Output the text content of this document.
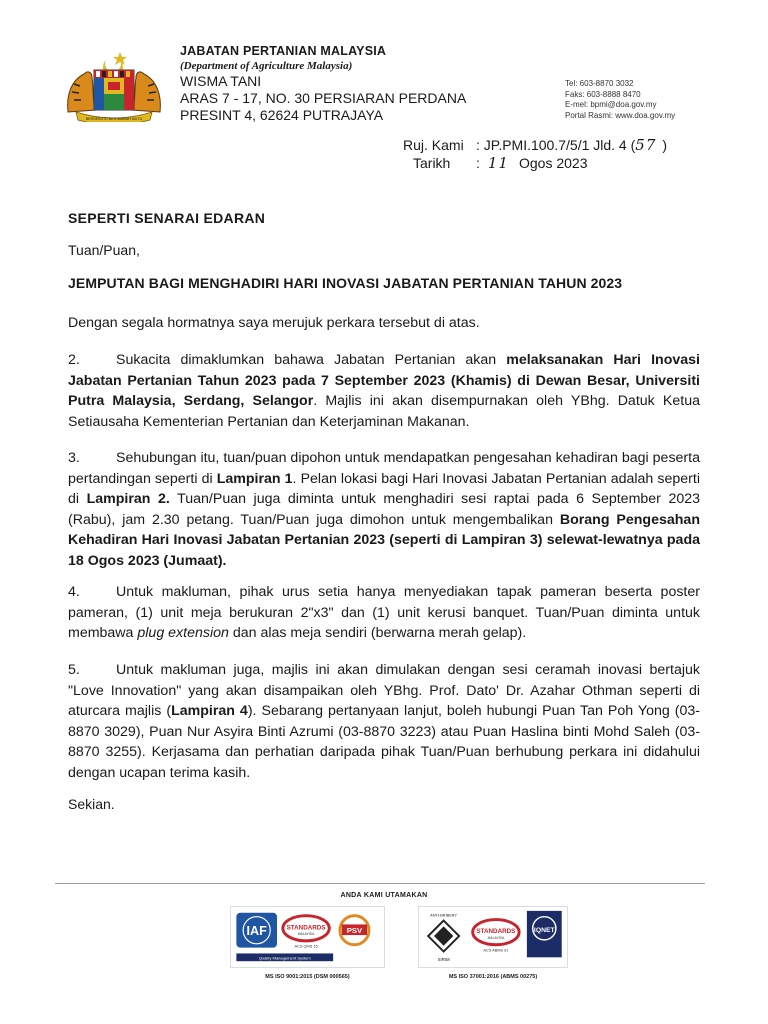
BERSEKUTU BERTAMBAH MUTU
JABATAN PERTANIAN MALAYSIA
(Department of Agriculture Malaysia)
WISMA TANI
ARAS 7 - 17, NO. 30 PERSIARAN PERDANA
PRESINT 4, 62624 PUTRAJAYA
Tel: 603-8870 3032
Faks: 603-8888 8470
E-mel: bpmi@doa.gov.my
Portal Rasmi: www.doa.gov.my
Ruj. Kami : JP.PMI.100.7/5/1 Jld. 4 ( 57 )
Tarikh	: 11 Ogos 2023
SEPERTI SENARAI EDARAN
Tuan/Puan,
JEMPUTAN BAGI MENGHADIRI HARI INOVASI JABATAN PERTANIAN TAHUN 2023
Dengan segala hormatnya saya merujuk perkara tersebut di atas.
2.	Sukacita dimaklumkan bahawa Jabatan Pertanian akan melaksanakan Hari Inovasi Jabatan Pertanian Tahun 2023 pada 7 September 2023 (Khamis) di Dewan Besar, Universiti Putra Malaysia, Serdang, Selangor. Majlis ini akan disempurnakan oleh YBhg. Datuk Ketua Setiausaha Kementerian Pertanian dan Keterjaminan Makanan.
3.	Sehubungan itu, tuan/puan dipohon untuk mendapatkan pengesahan kehadiran bagi peserta pertandingan seperti di Lampiran 1. Pelan lokasi bagi Hari Inovasi Jabatan Pertanian adalah seperti di Lampiran 2. Tuan/Puan juga diminta untuk menghadiri sesi raptai pada 6 September 2023 (Rabu), jam 2.30 petang. Tuan/Puan juga dimohon untuk mengembalikan Borang Pengesahan Kehadiran Hari Inovasi Jabatan Pertanian 2023 (seperti di Lampiran 3) selewat-lewatnya pada 18 Ogos 2023 (Jumaat).
4.	Untuk makluman, pihak urus setia hanya menyediakan tapak pameran beserta poster pameran, (1) unit meja berukuran 2"x3" dan (1) unit kerusi banquet. Tuan/Puan diminta untuk membawa plug extension dan alas meja sendiri (berwarna merah gelap).
5.	Untuk makluman juga, majlis ini akan dimulakan dengan sesi ceramah inovasi bertajuk "Love Innovation" yang akan disampaikan oleh YBhg. Prof. Dato' Dr. Azahar Othman seperti di aturcara majlis (Lampiran 4). Sebarang pertanyaan lanjut, boleh hubungi Puan Tan Poh Yong (03-8870 3029), Puan Nur Asyira Binti Azrumi (03-8870 3223) atau Puan Haslina binti Mohd Saleh (03-8870 3255). Kerjasama dan perhatian daripada pihak Tuan/Puan berhubung perkara ini didahului dengan ucapan terima kasih.
Sekian.
ANDA KAMI UTAMAKAN
IAF	STANDARDS
MALAYSIA
ACS QMS 15
PSV
Quality Management System
ANTI-BRIBERY
SIRIM
STANDARDS
MALAYSIA
ACS ABMS 01
IQNET
MS ISO 9001:2015 (DSM 000565)	MS ISO 37001:2016 (ABMS 00275)
